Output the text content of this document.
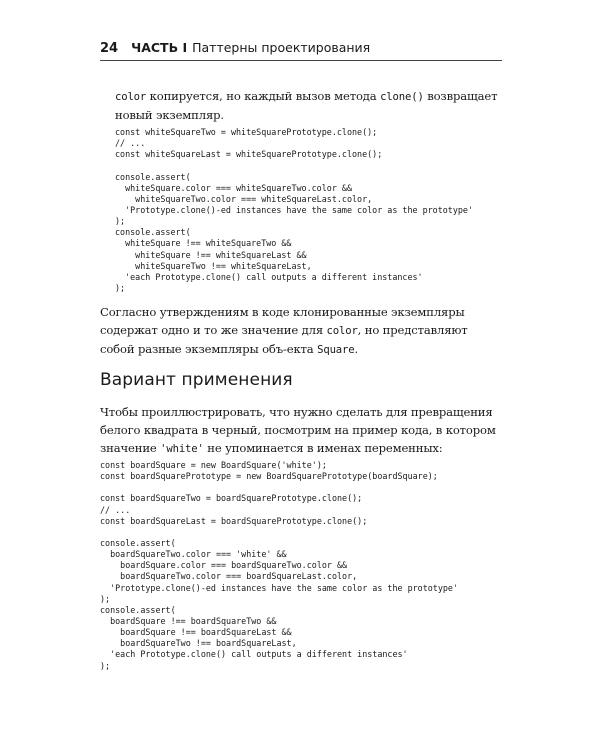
24 ЧАСТЬ I Паттерны проектирования

color копируется, но каждый вызов метода clone() возвращает новый экземпляр.

const whiteSquareTwo = whiteSquarePrototype.clone();
// ...
const whiteSquareLast = whiteSquarePrototype.clone();
console.assert(
whiteSquare.color === whiteSquareTwo.color &&
whiteSquareTwo.color === whiteSquareLast.color,
'Prototype.clone()-ed instances have the same color as the prototype'
);
console.assert(
whiteSquare !== whiteSquareTwo &&
whiteSquare !== whiteSquareLast &&
whiteSquareTwo !== whiteSquareLast,
'each Prototype.clone() call outputs a different instances'
);

Согласно утверждениям в коде клонированные экземпляры содержат одно и то же значение для color, но представляют собой разные экземпляры объ-екта Square.

Вариант применения

Чтобы проиллюстрировать, что нужно сделать для превращения белого квадрата в черный, посмотрим на пример кода, в котором значение 'white' не упоминается в именах переменных:

const boardSquare = new BoardSquare('white');
const boardSquarePrototype = new BoardSquarePrototype(boardSquare);
const boardSquareTwo = boardSquarePrototype.clone();
// ...
const boardSquareLast = boardSquarePrototype.clone();
console.assert(
boardSquareTwo.color === 'white' &&
boardSquare.color === boardSquareTwo.color &&
boardSquareTwo.color === boardSquareLast.color,
'Prototype.clone()-ed instances have the same color as the prototype'
);
console.assert(
boardSquare !== boardSquareTwo &&
boardSquare !== boardSquareLast &&
boardSquareTwo !== boardSquareLast,
'each Prototype.clone() call outputs a different instances'
);
